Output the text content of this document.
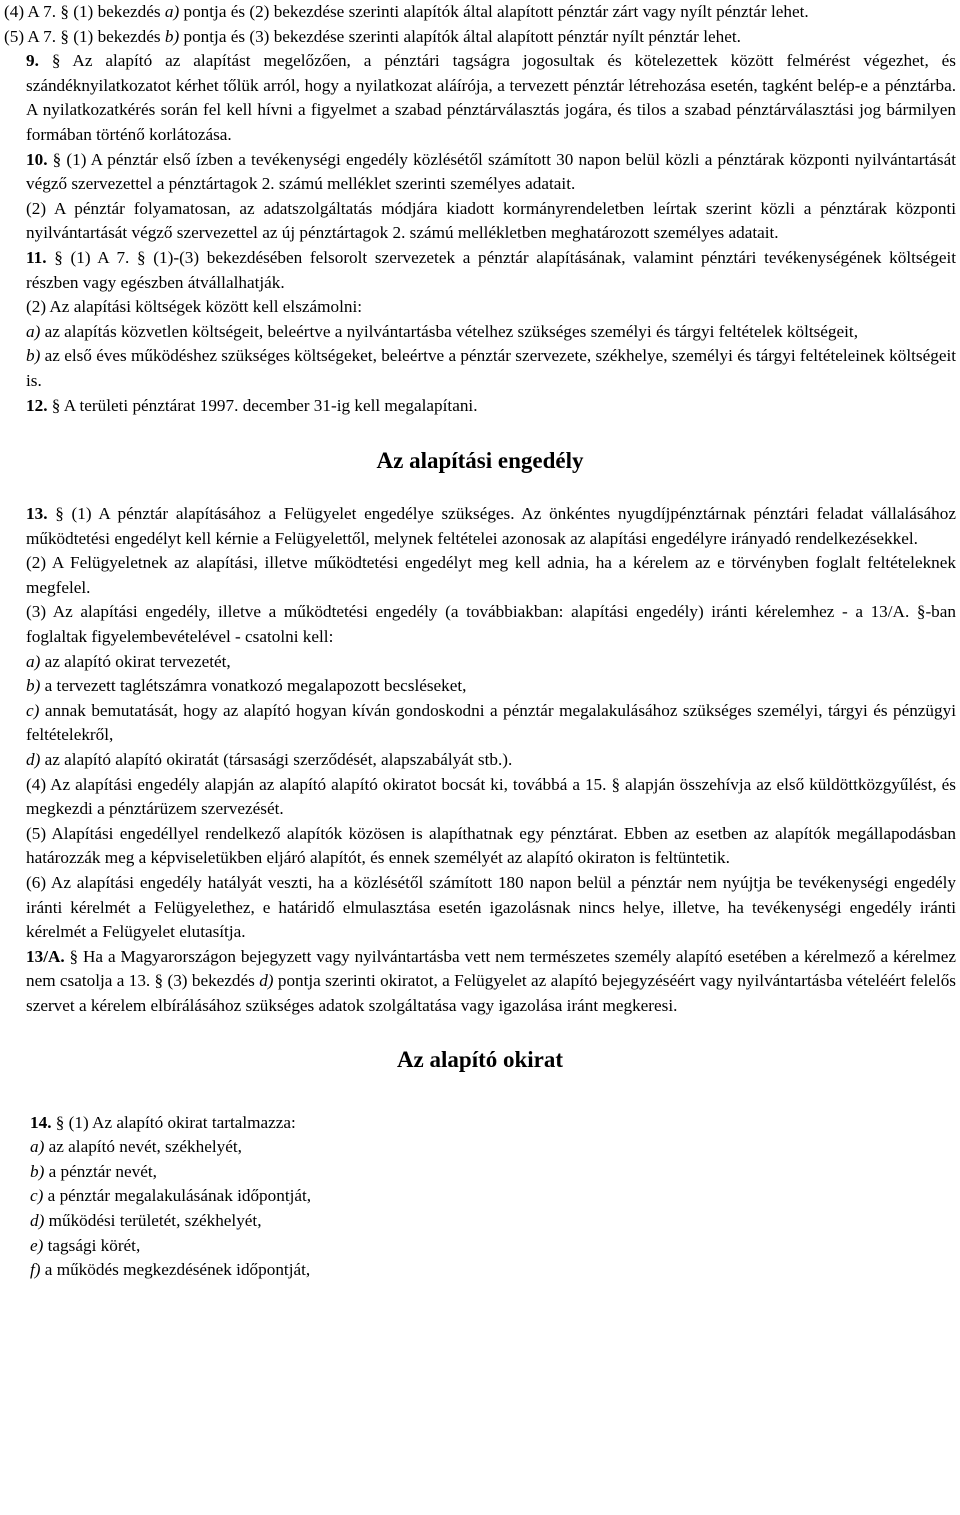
(4) A 7. § (1) bekezdés a) pontja és (2) bekezdése szerinti alapítók által alapított pénztár zárt vagy nyílt pénztár lehet.

(5) A 7. § (1) bekezdés b) pontja és (3) bekezdése szerinti alapítók által alapított pénztár nyílt pénztár lehet.

9. § Az alapító az alapítást megelőzően, a pénztári tagságra jogosultak és kötelezettek között felmérést végezhet, és szándéknyilatkozatot kérhet tőlük arról, hogy a nyilatkozat aláírója, a tervezett pénztár létrehozása esetén, tagként belép-e a pénztárba. A nyilatkozatkérés során fel kell hívni a figyelmet a szabad pénztárválasztás jogára, és tilos a szabad pénztárválasztási jog bármilyen formában történő korlátozása.

10. § (1) A pénztár első ízben a tevékenységi engedély közlésétől számított 30 napon belül közli a pénztárak központi nyilvántartását végző szervezettel a pénztártagok 2. számú melléklet szerinti személyes adatait.

(2) A pénztár folyamatosan, az adatszolgáltatás módjára kiadott kormányrendeletben leírtak szerint közli a pénztárak központi nyilvántartását végző szervezettel az új pénztártagok 2. számú mellékletben meghatározott személyes adatait.

11. § (1) A 7. § (1)-(3) bekezdésében felsorolt szervezetek a pénztár alapításának, valamint pénztári tevékenységének költségeit részben vagy egészben átvállalhatják.

(2) Az alapítási költségek között kell elszámolni:

a) az alapítás közvetlen költségeit, beleértve a nyilvántartásba vételhez szükséges személyi és tárgyi feltételek költségeit,

b) az első éves működéshez szükséges költségeket, beleértve a pénztár szervezete, székhelye, személyi és tárgyi feltételeinek költségeit is.

12. § A területi pénztárat 1997. december 31-ig kell megalapítani.

Az alapítási engedély

13. § (1) A pénztár alapításához a Felügyelet engedélye szükséges. Az önkéntes nyugdíjpénztárnak pénztári feladat vállalásához működtetési engedélyt kell kérnie a Felügyelettől, melynek feltételei azonosak az alapítási engedélyre irányadó rendelkezésekkel.

(2) A Felügyeletnek az alapítási, illetve működtetési engedélyt meg kell adnia, ha a kérelem az e törvényben foglalt feltételeknek megfelel.

(3) Az alapítási engedély, illetve a működtetési engedély (a továbbiakban: alapítási engedély) iránti kérelemhez - a 13/A. §-ban foglaltak figyelembevételével - csatolni kell:

a) az alapító okirat tervezetét,

b) a tervezett taglétszámra vonatkozó megalapozott becsléseket,

c) annak bemutatását, hogy az alapító hogyan kíván gondoskodni a pénztár megalakulásához szükséges személyi, tárgyi és pénzügyi feltételekről,

d) az alapító alapító okiratát (társasági szerződését, alapszabályát stb.).

(4) Az alapítási engedély alapján az alapító alapító okiratot bocsát ki, továbbá a 15. § alapján összehívja az első küldöttközgyűlést, és megkezdi a pénztárüzem szervezését.

(5) Alapítási engedéllyel rendelkező alapítók közösen is alapíthatnak egy pénztárat. Ebben az esetben az alapítók megállapodásban határozzák meg a képviseletükben eljáró alapítót, és ennek személyét az alapító okiraton is feltüntetik.

(6) Az alapítási engedély hatályát veszti, ha a közlésétől számított 180 napon belül a pénztár nem nyújtja be tevékenységi engedély iránti kérelmét a Felügyelethez, e határidő elmulasztása esetén igazolásnak nincs helye, illetve, ha tevékenységi engedély iránti kérelmét a Felügyelet elutasítja.

13/A. § Ha a Magyarországon bejegyzett vagy nyilvántartásba vett nem természetes személy alapító esetében a kérelmező a kérelmez nem csatolja a 13. § (3) bekezdés d) pontja szerinti okiratot, a Felügyelet az alapító bejegyzéséért vagy nyilvántartásba vételéért felelős szervet a kérelem elbírálásához szükséges adatok szolgáltatása vagy igazolása iránt megkeresi.

Az alapító okirat

14. § (1) Az alapító okirat tartalmazza:

a) az alapító nevét, székhelyét,

b) a pénztár nevét,

c) a pénztár megalakulásának időpontját,

d) működési területét, székhelyét,

e) tagsági körét,

f) a működés megkezdésének időpontját,
